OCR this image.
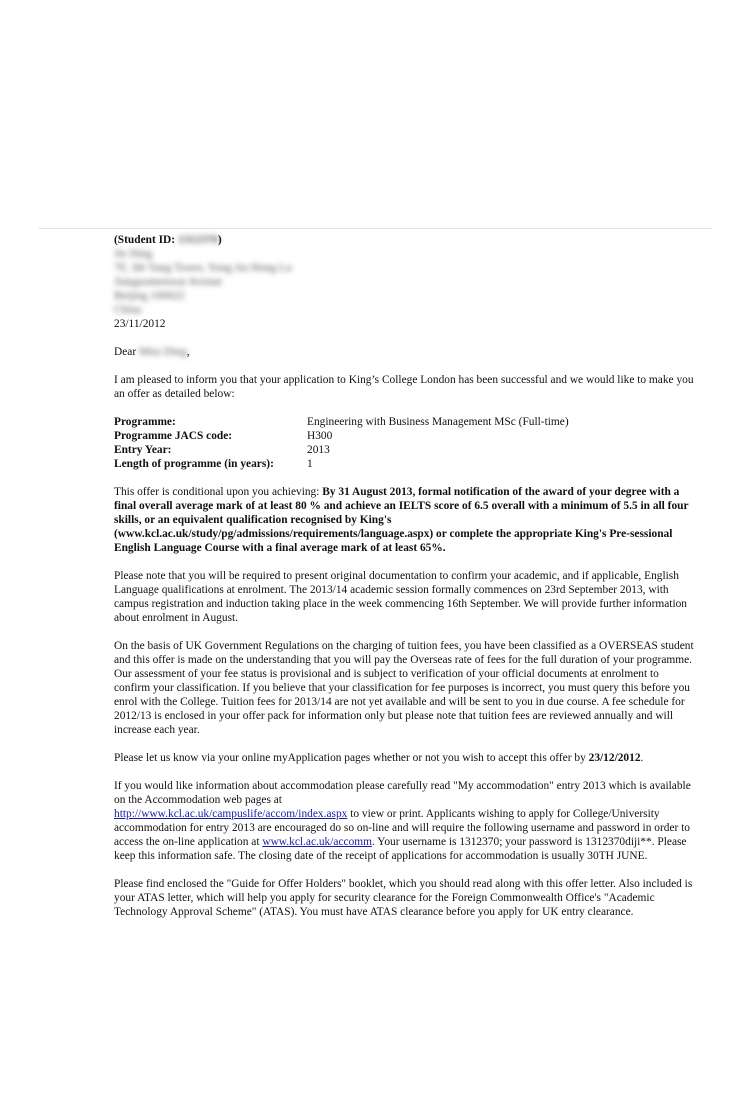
(Student ID: 1312370)
Jie Ding
7F, 3th Yang Tower, Yong An Hong Lu
Jianguomenwai Avenue
Beijing 100022
China
23/11/2012
Dear Miss Ding,

I am pleased to inform you that your application to King’s College London has been successful and we would like to make you an offer as detailed below:

Programme:	Engineering with Business Management MSc (Full-time)
Programme JACS code:	H300
Entry Year:	2013
Length of programme (in years):	1

This offer is conditional upon you achieving: By 31 August 2013, formal notification of the award of your degree with a final overall average mark of at least 80 % and achieve an IELTS score of 6.5 overall with a minimum of 5.5 in all four skills, or an equivalent qualification recognised by King's (www.kcl.ac.uk/study/pg/admissions/requirements/language.aspx) or complete the appropriate King's Pre-sessional English Language Course with a final average mark of at least 65%.

Please note that you will be required to present original documentation to confirm your academic, and if applicable, English Language qualifications at enrolment. The 2013/14 academic session formally commences on 23rd September 2013, with campus registration and induction taking place in the week commencing 16th September. We will provide further information about enrolment in August.

On the basis of UK Government Regulations on the charging of tuition fees, you have been classified as a OVERSEAS student and this offer is made on the understanding that you will pay the Overseas rate of fees for the full duration of your programme. Our assessment of your fee status is provisional and is subject to verification of your official documents at enrolment to confirm your classification. If you believe that your classification for fee purposes is incorrect, you must query this before you enrol with the College. Tuition fees for 2013/14 are not yet available and will be sent to you in due course. A fee schedule for 2012/13 is enclosed in your offer pack for information only but please note that tuition fees are reviewed annually and will increase each year.

Please let us know via your online myApplication pages whether or not you wish to accept this offer by 23/12/2012.

If you would like information about accommodation please carefully read "My accommodation" entry 2013 which is available on the Accommodation web pages at
http://www.kcl.ac.uk/campuslife/accom/index.aspx to view or print. Applicants wishing to apply for College/University accommodation for entry 2013 are encouraged do so on-line and will require the following username and password in order to access the on-line application at www.kcl.ac.uk/accomm. Your username is 1312370; your password is 1312370diji**. Please keep this information safe. The closing date of the receipt of applications for accommodation is usually 30TH JUNE.

Please find enclosed the "Guide for Offer Holders" booklet, which you should read along with this offer letter. Also included is your ATAS letter, which will help you apply for security clearance for the Foreign Commonwealth Office's "Academic Technology Approval Scheme" (ATAS). You must have ATAS clearance before you apply for UK entry clearance.
